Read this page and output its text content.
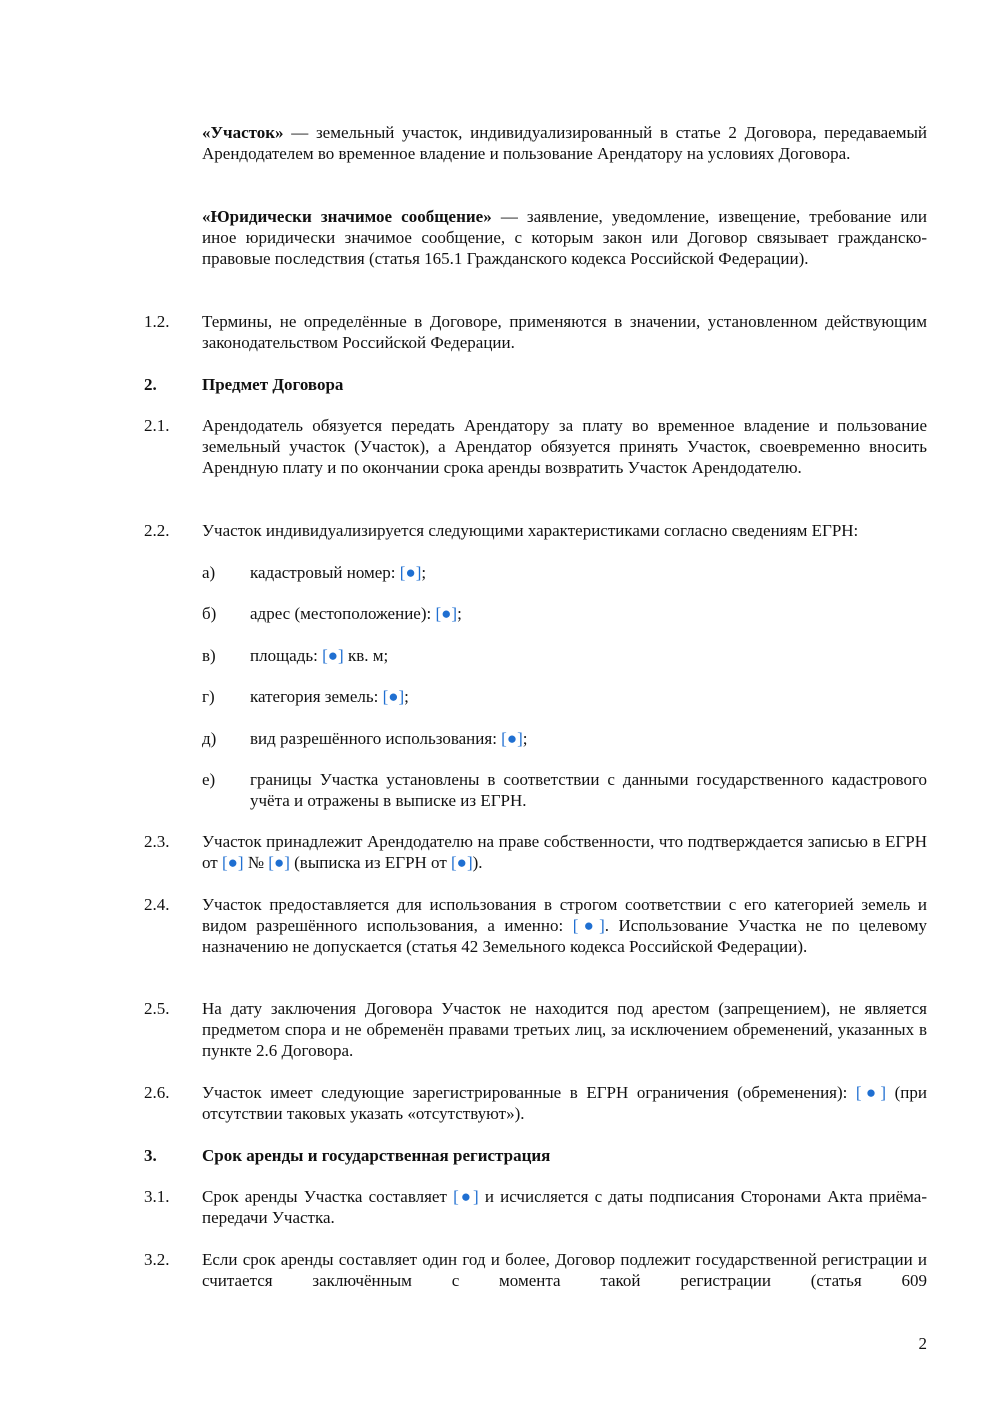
«Участок» — земельный участок, индивидуализированный в статье 2 Договора, передаваемый Арендодателем во временное владение и пользование Арендатору на условиях Договора.
«Юридически значимое сообщение» — заявление, уведомление, извещение, требование или иное юридически значимое сообщение, с которым закон или Договор связывает гражданско-правовые последствия (статья 165.1 Гражданского кодекса Российской Федерации).
1.2. Термины, не определённые в Договоре, применяются в значении, установленном действующим законодательством Российской Федерации.
2.	Предмет Договора
2.1. Арендодатель обязуется передать Арендатору за плату во временное владение и пользование земельный участок (Участок), а Арендатор обязуется принять Участок, своевременно вносить Арендную плату и по окончании срока аренды возвратить Участок Арендодателю.
2.2. Участок индивидуализируется следующими характеристиками согласно сведениям ЕГРН:
а) кадастровый номер: [●];
б) адрес (местоположение): [●];
в) площадь: [●] кв. м;
г) категория земель: [●];
д) вид разрешённого использования: [●];
е) границы Участка установлены в соответствии с данными государственного кадастрового учёта и отражены в выписке из ЕГРН.
2.3. Участок принадлежит Арендодателю на праве собственности, что подтверждается записью в ЕГРН от [●] № [●] (выписка из ЕГРН от [●]).
2.4. Участок предоставляется для использования в строгом соответствии с его категорией земель и видом разрешённого использования, а именно: [●]. Использование Участка не по целевому назначению не допускается (статья 42 Земельного кодекса Российской Федерации).
2.5. На дату заключения Договора Участок не находится под арестом (запрещением), не является предметом спора и не обременён правами третьих лиц, за исключением обременений, указанных в пункте 2.6 Договора.
2.6. Участок имеет следующие зарегистрированные в ЕГРН ограничения (обременения): [●] (при отсутствии таковых указать «отсутствуют»).
3.	Срок аренды и государственная регистрация
3.1. Срок аренды Участка составляет [●] и исчисляется с даты подписания Сторонами Акта приёма-передачи Участка.
3.2. Если срок аренды составляет один год и более, Договор подлежит государственной регистрации и считается заключённым с момента такой регистрации (статья 609
2
